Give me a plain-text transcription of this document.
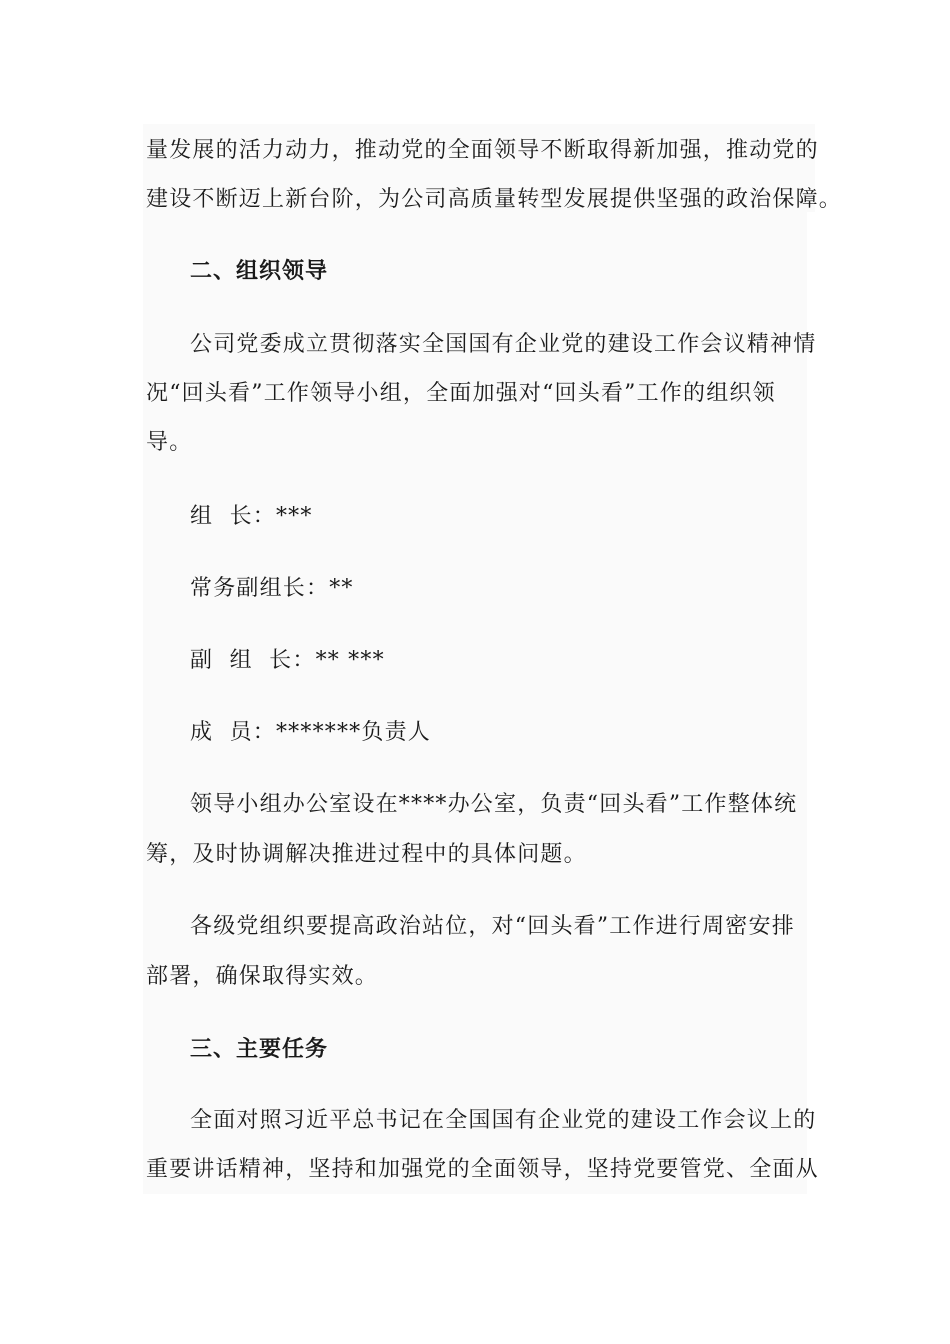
量发展的活力动力，推动党的全面领导不断取得新加强，推动党的
建设不断迈上新台阶，为公司高质量转型发展提供坚强的政治保障。
二、组织领导
公司党委成立贯彻落实全国国有企业党的建设工作会议精神情
况“回头看”工作领导小组，全面加强对“回头看”工作的组织领
导。
组  长：***
常务副组长：**
副  组  长：** ***
成  员：*******负责人
领导小组办公室设在****办公室，负责“回头看”工作整体统
筹，及时协调解决推进过程中的具体问题。
各级党组织要提高政治站位，对“回头看”工作进行周密安排
部署，确保取得实效。
三、主要任务
全面对照习近平总书记在全国国有企业党的建设工作会议上的
重要讲话精神，坚持和加强党的全面领导，坚持党要管党、全面从
